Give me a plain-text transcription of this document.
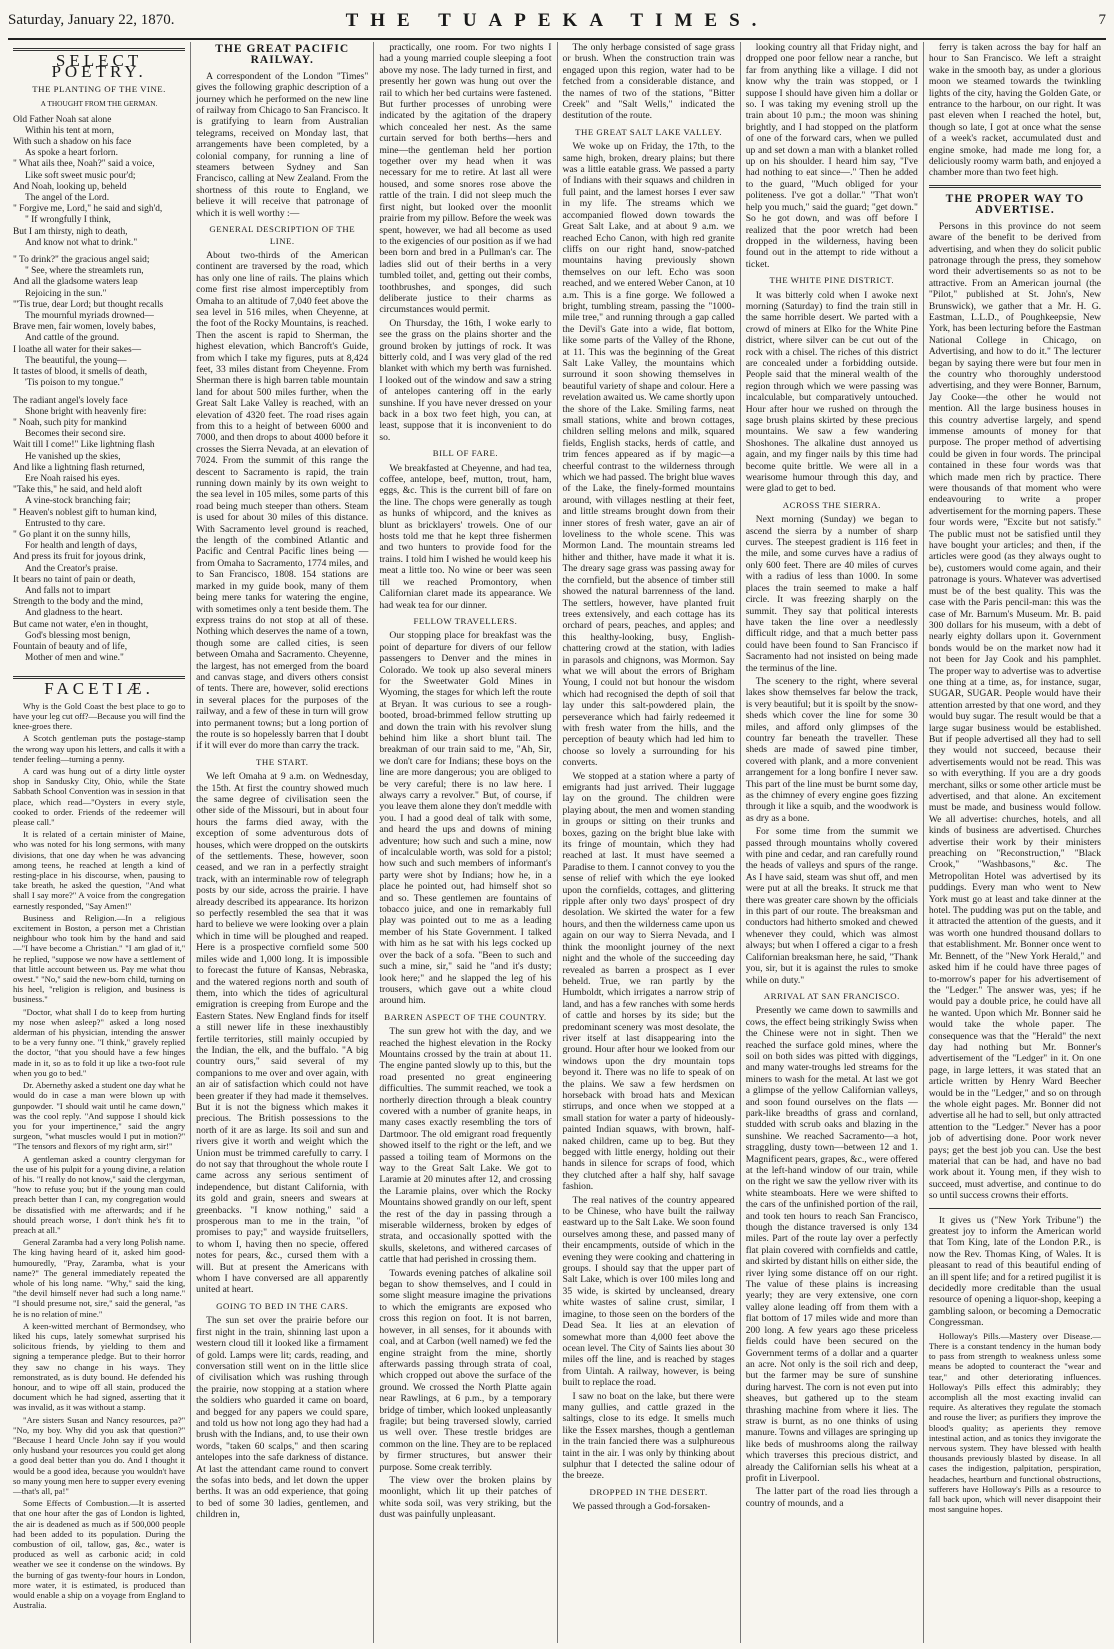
Saturday, January 22, 1870.	THE TUAPEKA TIMES.	7
SELECT POETRY.
THE PLANTING OF THE VINE.
A THOUGHT FROM THE GERMAN.
Old Father Noah sat alone
Within his tent at morn,
With such a shadow on his face
As spoke a heart forlorn.
" What ails thee, Noah?" said a voice,
Like soft sweet music pour'd;
And Noah, looking up, beheld
The angel of the Lord.
" Forgive me, Lord," he said and sigh'd,
" If wrongfully I think,
But I am thirsty, nigh to death,
And know not what to drink."
" To drink?" the gracious angel said;
" See, where the streamlets run,
And all the gladsome waters leap
Rejoicing in the sun."
"'Tis true, dear Lord; but thought recalls
The mournful myriads drowned—
Brave men, fair women, lovely babes,
And cattle of the ground.
I loathe all water for their sakes—
The beautiful, the young—
It tastes of blood, it smells of death,
'Tis poison to my tongue."
The radiant angel's lovely face
Shone bright with heavenly fire:
" Noah, such pity for mankind
Becomes their second sire.
Wait till I come!" Like lightning flash
He vanished up the skies,
And like a lightning flash returned,
Ere Noah raised his eyes.
"Take this," he said, and held aloft
A vine-stock branching fair;
" Heaven's noblest gift to human kind,
Entrusted to thy care.
" Go plant it on the sunny hills,
For health and length of days,
And press its fruit for joyous drink,
And the Creator's praise.
It bears no taint of pain or death,
And falls not to impart
Strength to the body and the mind,
And gladness to the heart.
But came not water, e'en in thought,
God's blessing most benign,
Fountain of beauty and of life,
Mother of men and wine."
FACETIÆ.

Why is the Gold Coast the best place to go to have your leg cut off?—Because you will find the knee-groes there.

A Scotch gentleman puts the postage-stamp the wrong way upon his letters, and calls it with a tender feeling—turning a penny.

A card was hung out of a dirty little oyster shop in Sandusky City, Ohio, while the State Sabbath School Convention was in session in that place, which read—"Oysters in every style, cooked to order. Friends of the redeemer will please call."

It is related of a certain minister of Maine, who was noted for his long sermons, with many divisions, that one day when he was advancing among teens, he reached at length a kind of resting-place in his discourse, when, pausing to take breath, he asked the question, "And what shall I say more?" A voice from the congregation earnestly responded, "Say Amen!"

Business and Religion.—In a religious excitement in Boston, a person met a Christian neighbour who took him by the hand and said—"I have become a Christian." "I am glad of it," he replied, "suppose we now have a settlement of that little account between us. Pay me what thou owest." "No," said the new-born child, turning on his heel, "religion is religion, and business is business."

"Doctor, what shall I do to keep from hurting my nose when asleep?" asked a long nosed alderman of his physician, intending the answer to be a very funny one. "I think," gravely replied the doctor, "that you should have a few hinges made in it, so as to fold it up like a two-foot rule when you go to bed."

Dr. Abernethy asked a student one day what he would do in case a man were blown up with gunpowder. "I should wait until he came down," was the cool reply. "And suppose I should kick you for your impertinence," said the angry surgeon, "what muscles would I put in motion?" "The tensors and flexors of my right arm, sir!"

A gentleman asked a country clergyman for the use of his pulpit for a young divine, a relation of his. "I really do not know," said the clergyman, "how to refuse you; but if the young man could preach better than I can, my congregation would be dissatisfied with me afterwards; and if he should preach worse, I don't think he's fit to preach at all."

General Zaramba had a very long Polish name. The king having heard of it, asked him good-humouredly, "Pray, Zaramba, what is your name?" The general immediately repeated the whole of his long name. "Why," said the king, "the devil himself never had such a long name." "I should presume not, sire," said the general, "as he is no relation of mine."

A keen-witted merchant of Bermondsey, who liked his cups, lately somewhat surprised his solicitous friends, by yielding to them and signing a temperance pledge. But to their horror they saw no change in his ways. They remonstrated, as is duty bound. He defended his honour, and to wipe off all stain, produced the document which he had signed, asserting that it was invalid, as it was without a stamp.

"Are sisters Susan and Nancy resources, pa?" "No, my boy. Why did you ask that question?" "Because I heard Uncle John say if you would only husband your resources you could get along a good deal better than you do. And I thought it would be a good idea, because you wouldn't have so many young men here to supper every evening—that's all, pa!"

Some Effects of Combustion.—It is asserted that one hour after the gas of London is lighted, the air is deadened as much as if 500,000 people had been added to its population. During the combustion of oil, tallow, gas, &c., water is produced as well as carbonic acid; in cold weather we see it condense on the windows. By the burning of gas twenty-four hours in London, more water, it is estimated, is produced than would enable a ship on a voyage from England to Australia.

THE GREAT PACIFIC RAILWAY.

A correspondent of the London "Times" gives the following graphic description of a journey which he performed on the new line of railway from Chicago to San Francisco. It is gratifying to learn from Australian telegrams, received on Monday last, that arrangements have been completed, by a colonial company, for running a line of steamers between Sydney and San Francisco, calling at New Zealand. From the shortness of this route to England, we believe it will receive that patronage of which it is well worthy :—

GENERAL DESCRIPTION OF THE LINE.

About two-thirds of the American continent are traversed by the road, which has only one line of rails. The plains which come first rise almost imperceptibly from Omaha to an altitude of 7,040 feet above the sea level in 516 miles, when Cheyenne, at the foot of the Rocky Mountains, is reached. Then the ascent is rapid to Sherman, the highest elevation, which Bancroft's Guide, from which I take my figures, puts at 8,424 feet, 33 miles distant from Cheyenne. From Sherman there is high barren table mountain land for about 500 miles further, when the Great Salt Lake Valley is reached, with an elevation of 4320 feet. The road rises again from this to a height of between 6000 and 7000, and then drops to about 4000 before it crosses the Sierra Nevada, at an elevation of 7024. From the summit of this range the descent to Sacramento is rapid, the train running down mainly by its own weight to the sea level in 105 miles, some parts of this road being much steeper than others. Steam is used for about 30 miles of this distance. With Sacramento level ground is reached, the length of the combined Atlantic and Pacific and Central Pacific lines being —from Omaha to Sacramento, 1774 miles, and to San Francisco, 1808. 154 stations are marked in my guide book, many of them being mere tanks for watering the engine, with sometimes only a tent beside them. The express trains do not stop at all of these. Nothing which deserves the name of a town, though some are called cities, is seen between Omaha and Sacramento. Cheyenne, the largest, has not emerged from the board and canvas stage, and divers others consist of tents. There are, however, solid erections in several places for the purposes of the railway, and a few of these in turn will grow into permanent towns; but a long portion of the route is so hopelessly barren that I doubt if it will ever do more than carry the track.

THE START.

We left Omaha at 9 a.m. on Wednesday, the 15th. At first the country showed much the same degree of civilisation seen the other side of the Missouri, but in about four hours the farms died away, with the exception of some adventurous dots of houses, which were dropped on the outskirts of the settlements. These, however, soon ceased, and we ran in a perfectly straight track, with an interminable row of telegraph posts by our side, across the prairie. I have already described its appearance. Its horizon so perfectly resembled the sea that it was hard to believe we were looking over a plain which in time will be ploughed and reaped. Here is a prospective cornfield some 500 miles wide and 1,000 long. It is impossible to forecast the future of Kansas, Nebraska, and the watered regions north and south of them, into which the tides of agricultural emigration is creeping from Europe and the Eastern States. New England finds for itself a still newer life in these inexhaustibly fertile territories, still mainly occupied by the Indian, the elk, and the buffalo. "A big country ours," said several of my companions to me over and over again, with an air of satisfaction which could not have been greater if they had made it themselves. But it is not the bigness which makes it precious. The British possessions to the north of it are as large. Its soil and sun and rivers give it worth and weight which the Union must be trimmed carefully to carry. I do not say that throughout the whole route I came across any serious sentiment of independence, but distant California, with its gold and grain, sneers and swears at greenbacks. "I know nothing," said a prosperous man to me in the train, "of promises to pay;" and wayside fruitsellers, to whom I, having then no specie, offered notes for pears, &c., cursed them with a will. But at present the Americans with whom I have conversed are all apparently united at heart.

GOING TO BED IN THE CARS.

The sun set over the prairie before our first night in the train, shinning last upon a western cloud till it looked like a firmament of gold. Lamps were lit; cards, reading, and conversation still went on in the little slice of civilisation which was rushing through the prairie, now stopping at a station where the soldiers who guarded it came on board, and begged for any papers we could spare, and told us how not long ago they had had a brush with the Indians, and, to use their own words, "taken 60 scalps," and then scaring antelopes into the safe darkness of distance. At last the attendant came round to convert the sofas into beds, and let down the upper berths. It was an odd experience, that going to bed of some 30 ladies, gentlemen, and children in,

practically, one room. For two nights I had a young married couple sleeping a foot above my nose. The lady turned in first, and presently her gown was hung out over the rail to which her bed curtains were fastened. But further processes of unrobing were indicated by the agitation of the drapery which concealed her nest. As the same curtain served for both berths—hers and mine—the gentleman held her portion together over my head when it was necessary for me to retire. At last all were housed, and some snores rose above the rattle of the train. I did not sleep much the first night, but looked over the moonlit prairie from my pillow. Before the week was spent, however, we had all become as used to the exigencies of our position as if we had been born and bred in a Pullman's car. The ladies slid out of their berths in a very tumbled toilet, and, getting out their combs, toothbrushes, and sponges, did such deliberate justice to their charms as circumstances would permit.

On Thursday, the 16th, I woke early to see the grass on the plains shorter and the ground broken by juttings of rock. It was bitterly cold, and I was very glad of the red blanket with which my berth was furnished. I looked out of the window and saw a string of antelopes cantering off in the early sunshine. If you have never dressed on your back in a box two feet high, you can, at least, suppose that it is inconvenient to do so.

BILL OF FARE.

We breakfasted at Cheyenne, and had tea, coffee, antelope, beef, mutton, trout, ham, eggs, &c. This is the current bill of fare on the line. The chops were generally as tough as hunks of whipcord, and the knives as blunt as bricklayers' trowels. One of our hosts told me that he kept three fishermen and two hunters to provide food for the trains. I told him I wished he would keep his meat a little too. No wine or beer was seen till we reached Promontory, when Californian claret made its appearance. We had weak tea for our dinner.

FELLOW TRAVELLERS.

Our stopping place for breakfast was the point of departure for divers of our fellow passengers to Denver and the mines in Colorado. We took up also several miners for the Sweetwater Gold Mines in Wyoming, the stages for which left the route at Bryan. It was curious to see a rough-booted, broad-brimmed fellow strutting up and down the train with his revolver slung behind him like a short blunt tail. The breakman of our train said to me, "Ah, Sir, we don't care for Indians; these boys on the line are more dangerous; you are obliged to be very careful; there is no law here. I always carry a revolver." But, of course, if you leave them alone they don't meddle with you. I had a good deal of talk with some, and heard the ups and downs of mining adventure; how such and such a mine, now of incalculable worth, was sold for a pistol; how such and such members of informant's party were shot by Indians; how he, in a place he pointed out, had himself shot so and so. These gentlemen are fountains of tobacco juice, and one in remarkably full play was pointed out to me as a leading member of his State Government. I talked with him as he sat with his legs cocked up over the back of a sofa. "Been to such and such a mine, sir," said he "and it's dusty; look here;" and he slapped the leg of his trousers, which gave out a white cloud around him.

BARREN ASPECT OF THE COUNTRY.

The sun grew hot with the day, and we reached the highest elevation in the Rocky Mountains crossed by the train at about 11. The engine panted slowly up to this, but the road presented no great engineering difficulties. The summit reached, we took a northerly direction through a bleak country covered with a number of granite heaps, in many cases exactly resembling the tors of Dartmoor. The old emigrant road frequently showed itself to the right or the left, and we passed a toiling team of Mormons on the way to the Great Salt Lake. We got to Laramie at 20 minutes after 12, and crossing the Laramie plains, over which the Rocky Mountains showed grandly on our left, spent the rest of the day in passing through a miserable wilderness, broken by edges of strata, and occasionally spotted with the skulls, skeletons, and withered carcases of cattle that had perished in crossing them.

Towards evening patches of alkaline soil began to show themselves, and I could in some slight measure imagine the privations to which the emigrants are exposed who cross this region on foot. It is not barren, however, in all senses, for it abounds with coal, and at Carbon (well named) we fed the engine straight from the mine, shortly afterwards passing through strata of coal, which cropped out above the surface of the ground. We crossed the North Platte again near Rawlings, at 6 p.m., by a temporary bridge of timber, which looked unpleasantly fragile; but being traversed slowly, carried us well over. These trestle bridges are common on the line. They are to be replaced by firmer structures, but answer their purpose. Some creak terribly.

The view over the broken plains by moonlight, which lit up their patches of white soda soil, was very striking, but the dust was painfully unpleasant.

The only herbage consisted of sage grass or brush. When the construction train was engaged upon this region, water had to be fetched from a considerable distance, and the names of two of the stations, "Bitter Creek" and "Salt Wells," indicated the destitution of the route.

THE GREAT SALT LAKE VALLEY.

We woke up on Friday, the 17th, to the same high, broken, dreary plains; but there was a little eatable grass. We passed a party of Indians with their squaws and children in full paint, and the lamest horses I ever saw in my life. The streams which we accompanied flowed down towards the Great Salt Lake, and at about 9 a.m. we reached Echo Canon, with high red granite cliffs on our right hand, snow-patched mountains having previously shown themselves on our left. Echo was soon reached, and we entered Weber Canon, at 10 a.m. This is a fine gorge. We followed a bright, tumbling stream, passing the "1000-mile tree," and running through a gap called the Devil's Gate into a wide, flat bottom, like some parts of the Valley of the Rhone, at 11. This was the beginning of the Great Salt Lake Valley, the mountains which surround it soon showing themselves in beautiful variety of shape and colour. Here a revelation awaited us. We came shortly upon the shore of the Lake. Smiling farms, neat small stations, white and brown cottages, children selling melons and milk, squared fields, English stacks, herds of cattle, and trim fences appeared as if by magic—a cheerful contrast to the wilderness through which we had passed. The bright blue waves of the Lake, the finely-formed mountains around, with villages nestling at their feet, and little streams brought down from their inner stores of fresh water, gave an air of loveliness to the whole scene. This was Mormon Land. The mountain streams led hither and thither, have made it what it is. The dreary sage grass was passing away for the cornfield, but the absence of timber still showed the natural barrenness of the land. The settlers, however, have planted fruit trees extensively, and each cottage has its orchard of pears, peaches, and apples; and this healthy-looking, busy, English-chattering crowd at the station, with ladies in parasols and chignons, was Mormon. Say what we will about the errors of Brigham Young, I could not but honour the wisdom which had recognised the depth of soil that lay under this salt-powdered plain, the perseverance which had fairly redeemed it with fresh water from the hills, and the perception of beauty which had led him to choose so lovely a surrounding for his converts.

We stopped at a station where a party of emigrants had just arrived. Their luggage lay on the ground. The children were playing about, the men and women standing in groups or sitting on their trunks and boxes, gazing on the bright blue lake with its fringe of mountain, which they had reached at last. It must have seemed a Paradise to them. I cannot convey to you the sense of relief with which the eye looked upon the cornfields, cottages, and glittering ripple after only two days' prospect of dry desolation. We skirted the water for a few hours, and then the wilderness came upon us again on our way to Sierra Nevada, and I think the moonlight journey of the next night and the whole of the succeeding day revealed as barren a prospect as I ever beheld. True, we ran partly by the Humboldt, which irrigates a narrow strip of land, and has a few ranches with some herds of cattle and horses by its side; but the predominant scenery was most desolate, the river itself at last disappearing into the ground. Hour after hour we looked from our windows upon the dry mountain tops beyond it. There was no life to speak of on the plains. We saw a few herdsmen on horseback with broad hats and Mexican stirrups, and once when we stopped at a small station for water a party of hideously-painted Indian squaws, with brown, half-naked children, came up to beg. But they begged with little energy, holding out their hands in silence for scraps of food, which they clutched after a half shy, half savage fashion.

The real natives of the country appeared to be Chinese, who have built the railway eastward up to the Salt Lake. We soon found ourselves among these, and passed many of their encampments, outside of which in the evening they were cooking and chattering in groups. I should say that the upper part of Salt Lake, which is over 100 miles long and 35 wide, is skirted by uncleansed, dreary white wastes of saline crust, similar, I imagine, to those seen on the borders of the Dead Sea. It lies at an elevation of somewhat more than 4,000 feet above the ocean level. The City of Saints lies about 30 miles off the line, and is reached by stages from Uintah. A railway, however, is being built to replace the road.

I saw no boat on the lake, but there were many gullies, and cattle grazed in the saltings, close to its edge. It smells much like the Essex marshes, though a gentleman in the train fancied there was a sulphureous taint in the air. I was only by thinking about sulphur that I detected the saline odour of the breeze.

DROPPED IN THE DESERT.

We passed through a God-forsaken-

looking country all that Friday night, and dropped one poor fellow near a ranche, but far from anything like a village. I did not know why the train was stopped, or I suppose I should have given him a dollar or so. I was taking my evening stroll up the train about 10 p.m.; the moon was shining brightly, and I had stopped on the platform of one of the forward cars, when we pulled up and set down a man with a blanket rolled up on his shoulder. I heard him say, "I've had nothing to eat since—." Then he added to the guard, "Much obliged for your politeness. I've got a dollar." "That won't help you much," said the guard; "get down." So he got down, and was off before I realized that the poor wretch had been dropped in the wilderness, having been found out in the attempt to ride without a ticket.

THE WHITE PINE DISTRICT.

It was bitterly cold when I awoke next morning (Saturday) to find the train still in the same horrible desert. We parted with a crowd of miners at Elko for the White Pine district, where silver can be cut out of the rock with a chisel. The riches of this district are concealed under a forbidding outside. People said that the mineral wealth of the region through which we were passing was incalculable, but comparatively untouched. Hour after hour we rushed on through the sage brush plains skirted by these precious mountains. We saw a few wandering Shoshones. The alkaline dust annoyed us again, and my finger nails by this time had become quite brittle. We were all in a wearisome humour through this day, and were glad to get to bed.

ACROSS THE SIERRA.

Next morning (Sunday) we began to ascend the sierra by a number of sharp curves. The steepest gradient is 116 feet in the mile, and some curves have a radius of only 600 feet. There are 40 miles of curves with a radius of less than 1000. In some places the train seemed to make a half circle. It was freezing sharply on the summit. They say that political interests have taken the line over a needlessly difficult ridge, and that a much better pass could have been found to San Francisco if Sacramento had not insisted on being made the terminus of the line.

The scenery to the right, where several lakes show themselves far below the track, is very beautiful; but it is spoilt by the snow-sheds which cover the line for some 30 miles, and afford only glimpses of the country far beneath the traveller. These sheds are made of sawed pine timber, covered with plank, and a more convenient arrangement for a long bonfire I never saw. This part of the line must be burnt some day, as the chimney of every engine goes fizzing through it like a squib, and the woodwork is as dry as a bone.

For some time from the summit we passed through mountains wholly covered with pine and cedar, and ran carefully round the heads of valleys and spurs of the range. As I have said, steam was shut off, and men were put at all the breaks. It struck me that there was greater care shown by the officials in this part of our route. The breaksman and conductors had hitherto smoked and chewed whenever they could, which was almost always; but when I offered a cigar to a fresh Californian breaksman here, he said, "Thank you, sir, but it is against the rules to smoke while on duty."

ARRIVAL AT SAN FRANCISCO.

Presently we came down to sawmills and cows, the effect being strikingly Swiss when the Chinese were not in sight. Then we reached the surface gold mines, where the soil on both sides was pitted with diggings, and many water-troughs led streams for the miners to wash for the metal. At last we got a glimpse of the yellow Californian valleys, and soon found ourselves on the flats — park-like breadths of grass and cornland, studded with scrub oaks and blazing in the sunshine. We reached Sacramento—a hot, straggling, dusty town—between 12 and 1. Magnificent pears, grapes, &c., were offered at the left-hand window of our train, while on the right we saw the yellow river with its white steamboats. Here we were shifted to the cars of the unfinished portion of the rail, and took ten hours to reach San Francisco, though the distance traversed is only 134 miles. Part of the route lay over a perfectly flat plain covered with cornfields and cattle, and skirted by distant hills on either side, the river lying some distance off on our right. The value of these plains is increasing yearly; they are very extensive, one corn valley alone leading off from them with a flat bottom of 17 miles wide and more than 200 long. A few years ago these priceless fields could have been secured on the Government terms of a dollar and a quarter an acre. Not only is the soil rich and deep, but the farmer may be sure of sunshine during harvest. The corn is not even put into sheaves, but gathered up to the steam thrashing machine from where it lies. The straw is burnt, as no one thinks of using manure. Towns and villages are springing up like beds of mushrooms along the railway which traverses this precious district, and already the Californian sells his wheat at a profit in Liverpool.

The latter part of the road lies through a country of mounds, and a

ferry is taken across the bay for half an hour to San Francisco. We left a straight wake in the smooth bay, as under a glorious moon we steamed towards the twinkling lights of the city, having the Golden Gate, or entrance to the harbour, on our right. It was past eleven when I reached the hotel, but, though so late, I got at once what the sense of a week's racket, accumulated dust and engine smoke, had made me long for, a deliciously roomy warm bath, and enjoyed a chamber more than two feet high.

THE PROPER WAY TO ADVERTISE.

Persons in this province do not seem aware of the benefit to be derived from advertising, and when they do solicit public patronage through the press, they somehow word their advertisements so as not to be attractive. From an American journal (the "Pilot," published at St. John's, New Brunswick), we gather that a Mr. H. G. Eastman, L.L.D., of Poughkeepsie, New York, has been lecturing before the Eastman National College in Chicago, on Advertising, and how to do it." The lecturer began by saying there were but four men in the country who thoroughly understood advertising, and they were Bonner, Barnum, Jay Cooke—the other he would not mention. All the large business houses in this country advertise largely, and spend immense amounts of money for that purpose. The proper method of advertising could be given in four words. The principal contained in these four words was that which made men rich by practice. There were thousands of that moment who were endeavouring to write a proper advertisement for the morning papers. These four words were, "Excite but not satisfy." The public must not be satisfied until they have bought your articles; and then, if the articles were good (as they always ought to be), customers would come again, and their patronage is yours. Whatever was advertised must be of the best quality. This was the case with the Paris pencil-man: this was the case of Mr. Barnum's Museum. Mr. B. paid 300 dollars for his museum, with a debt of nearly eighty dollars upon it. Government bonds would be on the market now had it not been for Jay Cook and his pamphlet. The proper way to advertise was to advertise one thing at a time, as, for instance, sugar, SUGAR, SUGAR. People would have their attention arrested by that one word, and they would buy sugar. The result would be that a large sugar business would be established. But if people advertised all they had to sell they would not succeed, because their advertisements would not be read. This was so with everything. If you are a dry goods merchant, silks or some other article must be advertised, and that alone. An excitement must be made, and business would follow. We all advertise: churches, hotels, and all kinds of business are advertised. Churches advertise their work by their ministers preaching on "Reconstruction," "Black Crook," "Washbasons," &c. The Metropolitan Hotel was advertised by its puddings. Every man who went to New York must go at least and take dinner at the hotel. The pudding was put on the table, and it attracted the attention of the guests, and it was worth one hundred thousand dollars to that establishment. Mr. Bonner once went to Mr. Bennett, of the "New York Herald," and asked him if he could have three pages of to-morrow's paper for his advertisement of the "Ledger." The answer was, yes; if he would pay a double price, he could have all he wanted. Upon which Mr. Bonner said he would take the whole paper. The consequence was that the "Herald" the next day had nothing but Mr. Bonner's advertisement of the "Ledger" in it. On one page, in large letters, it was stated that an article written by Henry Ward Beecher would be in the "Ledger," and so on through the whole eight pages. Mr. Bonner did not advertise all he had to sell, but only attracted attention to the "Ledger." Never has a poor job of advertising done. Poor work never pays; get the best job you can. Use the best material that can be had, and have no bad work about it. Young men, if they wish to succeed, must advertise, and continue to do so until success crowns their efforts.

It gives us ("New York Tribune") the greatest joy to inform the American world that Tom King, late of the London P.R., is now the Rev. Thomas King, of Wales. It is pleasant to read of this beautiful ending of an ill spent life; and for a retired pugilist it is decidedly more creditable than the usual resource of opening a liquor-shop, keeping a gambling saloon, or becoming a Democratic Congressman.

Holloway's Pills.—Mastery over Disease.—There is a constant tendency in the human body to pass from strength to weakness unless some means be adopted to counteract the "wear and tear," and other deteriorating influences. Holloway's Pills effect this admirably; they accomplish all the most exacting invalid can require. As alteratives they regulate the stomach and rouse the liver; as purifiers they improve the blood's quality; as aperients they remove intestinal action, and as tonics they invigorate the nervous system. They have blessed with health thousands previously blasted by disease. In all cases the indigestion, palpitation, perspiration, headaches, heartburn and functional obstructions, sufferers have Holloway's Pills as a resource to fall back upon, which will never disappoint their most sanguine hopes.
